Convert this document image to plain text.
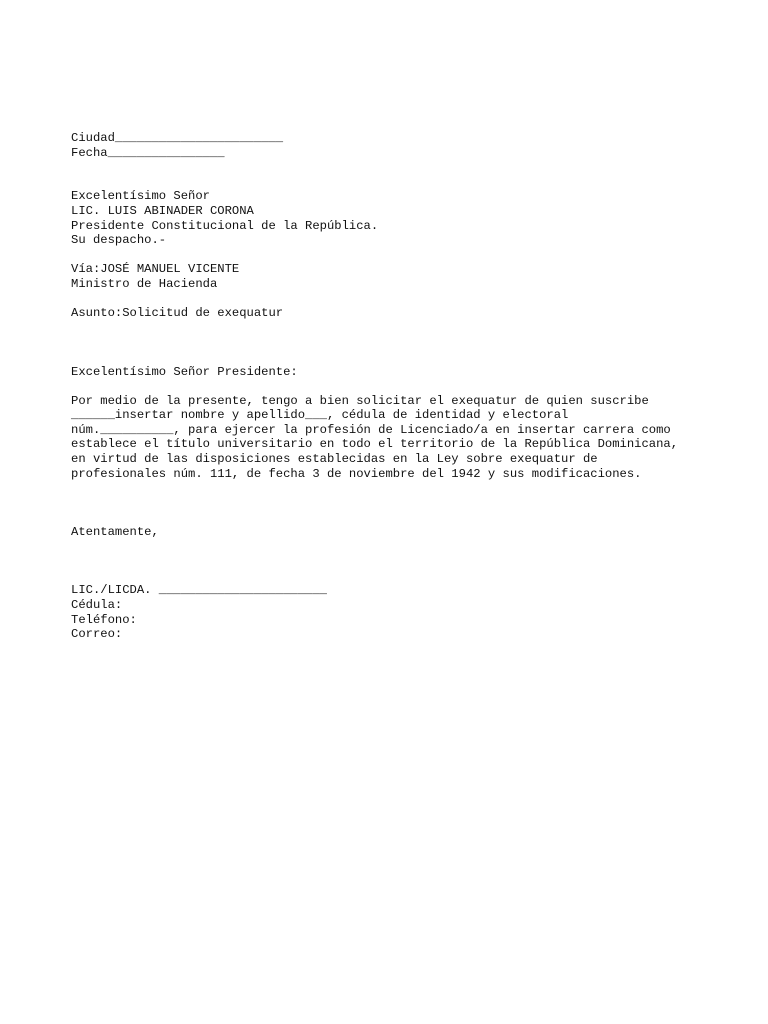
Ciudad_______________________
Fecha________________
Excelentísimo Señor
LIC. LUIS ABINADER CORONA
Presidente Constitucional de la República.
Su despacho.-
Vía:JOSÉ MANUEL VICENTE
Ministro de Hacienda
Asunto:Solicitud de exequatur
Excelentísimo Señor Presidente:
Por medio de la presente, tengo a bien solicitar el exequatur de quien suscribe
______insertar nombre y apellido___, cédula de identidad y electoral
núm.__________, para ejercer la profesión de Licenciado/a en insertar carrera como
establece el título universitario en todo el territorio de la República Dominicana,
en virtud de las disposiciones establecidas en la Ley sobre exequatur de
profesionales núm. 111, de fecha 3 de noviembre del 1942 y sus modificaciones.
Atentamente,
LIC./LICDA. _______________________
Cédula:
Teléfono:
Correo:
